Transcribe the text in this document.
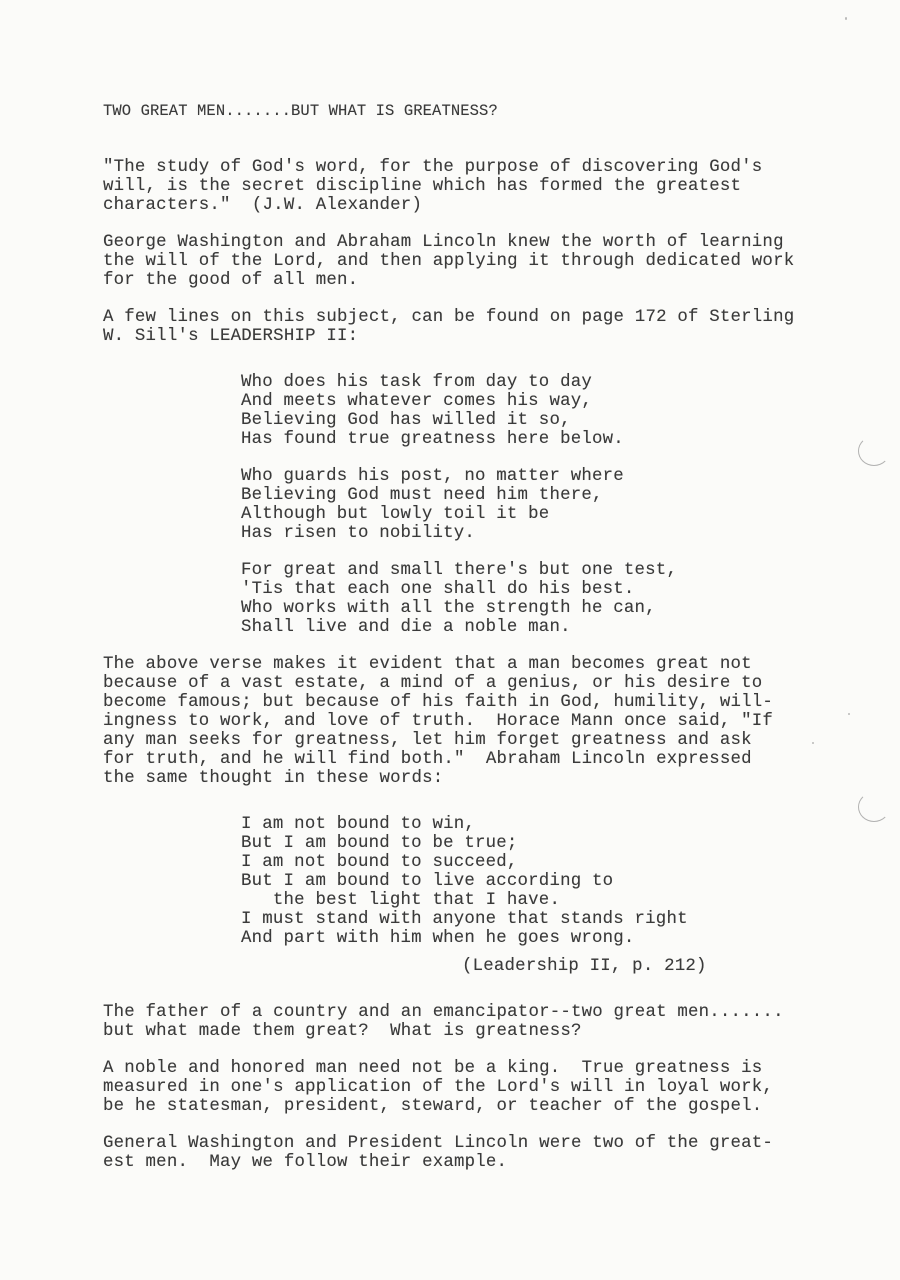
TWO GREAT MEN.......BUT WHAT IS GREATNESS?
"The study of God's word, for the purpose of discovering God's
will, is the secret discipline which has formed the greatest
characters."  (J.W. Alexander)
George Washington and Abraham Lincoln knew the worth of learning
the will of the Lord, and then applying it through dedicated work
for the good of all men.
A few lines on this subject, can be found on page 172 of Sterling
W. Sill's LEADERSHIP II:
Who does his task from day to day
And meets whatever comes his way,
Believing God has willed it so,
Has found true greatness here below.
Who guards his post, no matter where
Believing God must need him there,
Although but lowly toil it be
Has risen to nobility.
For great and small there's but one test,
'Tis that each one shall do his best.
Who works with all the strength he can,
Shall live and die a noble man.
The above verse makes it evident that a man becomes great not
because of a vast estate, a mind of a genius, or his desire to
become famous; but because of his faith in God, humility, will-
ingness to work, and love of truth.  Horace Mann once said, "If
any man seeks for greatness, let him forget greatness and ask
for truth, and he will find both."  Abraham Lincoln expressed
the same thought in these words:
I am not bound to win,
But I am bound to be true;
I am not bound to succeed,
But I am bound to live according to
the best light that I have.
I must stand with anyone that stands right
And part with him when he goes wrong.
(Leadership II, p. 212)
The father of a country and an emancipator--two great men.......
but what made them great?  What is greatness?
A noble and honored man need not be a king.  True greatness is
measured in one's application of the Lord's will in loyal work,
be he statesman, president, steward, or teacher of the gospel.
General Washington and President Lincoln were two of the great-
est men.  May we follow their example.
